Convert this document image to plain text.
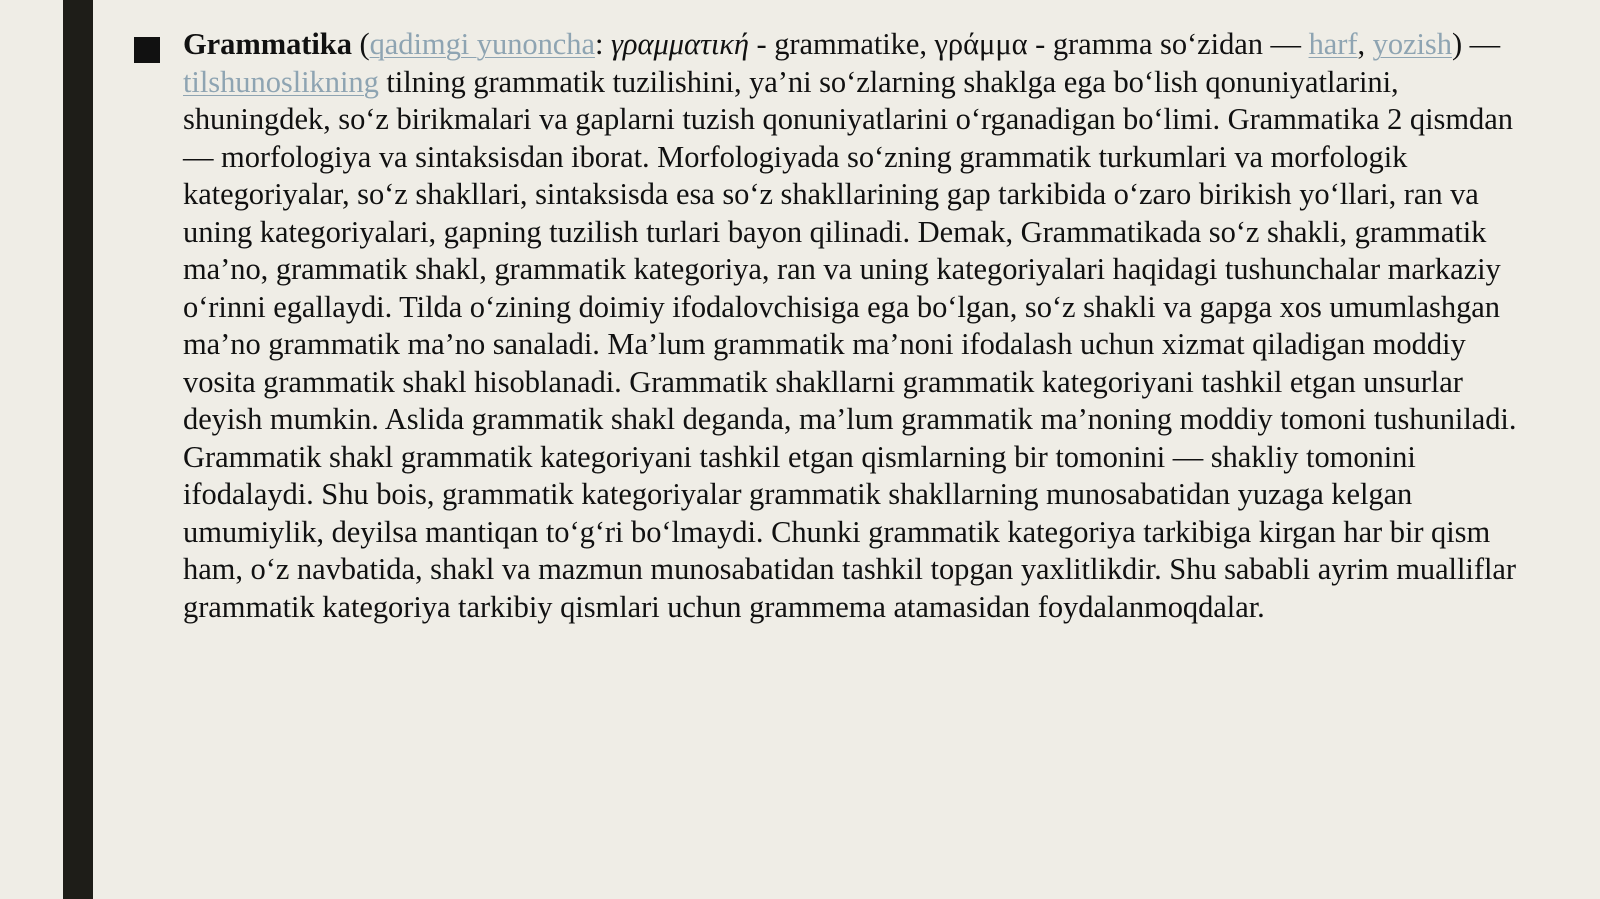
Grammatika (qadimgi yunoncha: γραμματική - grammatike, γράμμα - gramma so‘zidan — harf, yozish) — tilshunoslikning tilning grammatik tuzilishini, ya’ni so‘zlarning shaklga ega bo‘lish qonuniyatlarini, shuningdek, so‘z birikmalari va gaplarni tuzish qonuniyatlarini o‘rganadigan bo‘limi. Grammatika 2 qismdan — morfologiya va sintaksisdan iborat. Morfologiyada so‘zning grammatik turkumlari va morfologik kategoriyalar, so‘z shakllari, sintaksisda esa so‘z shakllarining gap tarkibida o‘zaro birikish yo‘llari, ran va uning kategoriyalari, gapning tuzilish turlari bayon qilinadi. Demak, Grammatikada so‘z shakli, grammatik ma’no, grammatik shakl, grammatik kategoriya, ran va uning kategoriyalari haqidagi tushunchalar markaziy o‘rinni egallaydi. Tilda o‘zining doimiy ifodalovchisiga ega bo‘lgan, so‘z shakli va gapga xos umumlashgan ma’no grammatik ma’no sanaladi. Ma’lum grammatik ma’noni ifodalash uchun xizmat qiladigan moddiy vosita grammatik shakl hisoblanadi. Grammatik shakllarni grammatik kategoriyani tashkil etgan unsurlar deyish mumkin. Aslida grammatik shakl deganda, ma’lum grammatik ma’noning moddiy tomoni tushuniladi. Grammatik shakl grammatik kategoriyani tashkil etgan qismlarning bir tomonini — shakliy tomonini ifodalaydi. Shu bois, grammatik kategoriyalar grammatik shakllarning munosabatidan yuzaga kelgan umumiylik, deyilsa mantiqan to‘g‘ri bo‘lmaydi. Chunki grammatik kategoriya tarkibiga kirgan har bir qism ham, o‘z navbatida, shakl va mazmun munosabatidan tashkil topgan yaxlitlikdir. Shu sababli ayrim mualliflar grammatik kategoriya tarkibiy qismlari uchun grammema atamasidan foydalanmoqdalar.
